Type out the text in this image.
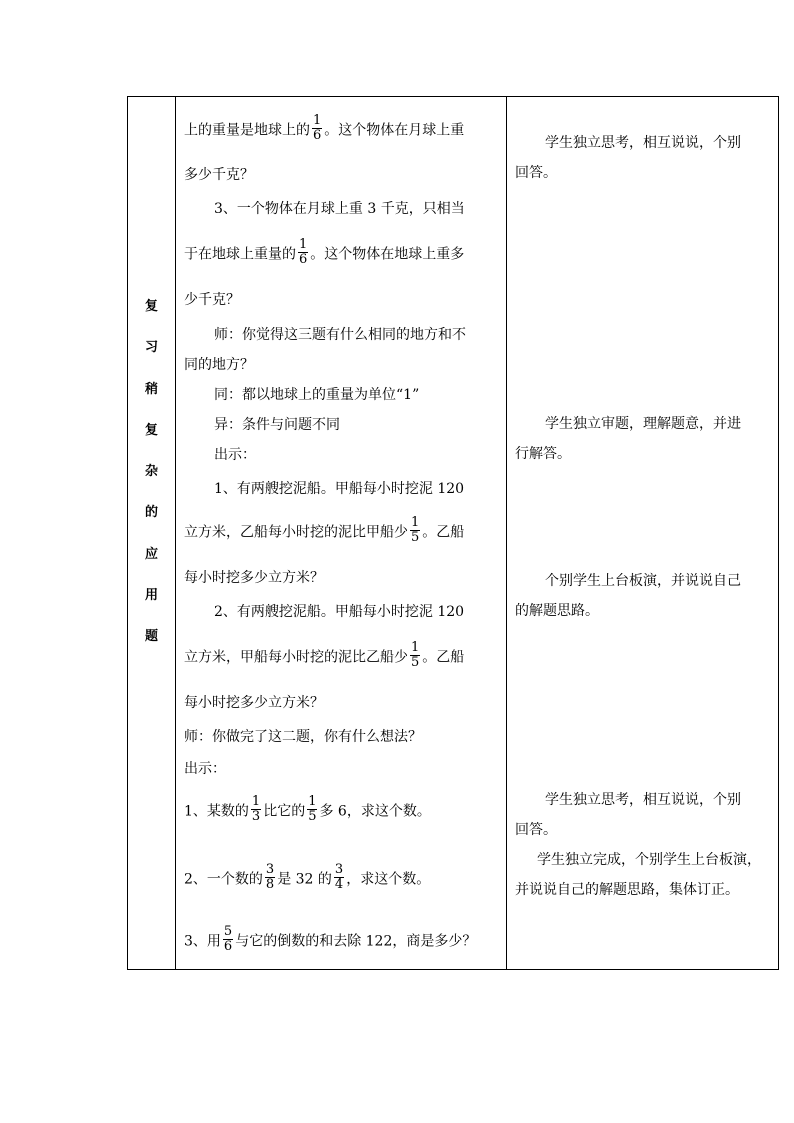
复
习
稍
复
杂
的
应
用
题

上的重量是地球上的 $\frac{1}{6}$ 。这个物体在月球上重
多少千克？
3、一个物体在月球上重 3 千克，只相当
于在地球上重量的 $\frac{1}{6}$ 。这个物体在地球上重多
少千克？
师：你觉得这三题有什么相同的地方和不
同的地方？
同：都以地球上的重量为单位“1”
异：条件与问题不同
出示：
1、有两艘挖泥船。甲船每小时挖泥 120
立方米，乙船每小时挖的泥比甲船少 $\frac{1}{5}$ 。乙船
每小时挖多少立方米？
2、有两艘挖泥船。甲船每小时挖泥 120
立方米，甲船每小时挖的泥比乙船少 $\frac{1}{5}$ 。乙船
每小时挖多少立方米？
师：你做完了这二题，你有什么想法？
出示：
1、某数的 $\frac{1}{3}$ 比它的 $\frac{1}{5}$ 多 6，求这个数。
2、一个数的 $\frac{3}{8}$ 是 32 的 $\frac{3}{4}$ ，求这个数。
3、用 $\frac{5}{6}$ 与它的倒数的和去除 122，商是多少？

学生独立思考，相互说说，个别
回答。
学生独立审题，理解题意，并进
行解答。
个别学生上台板演，并说说自己
的解题思路。
学生独立思考，相互说说，个别
回答。
学生独立完成，个别学生上台板演，
并说说自己的解题思路，集体订正。
